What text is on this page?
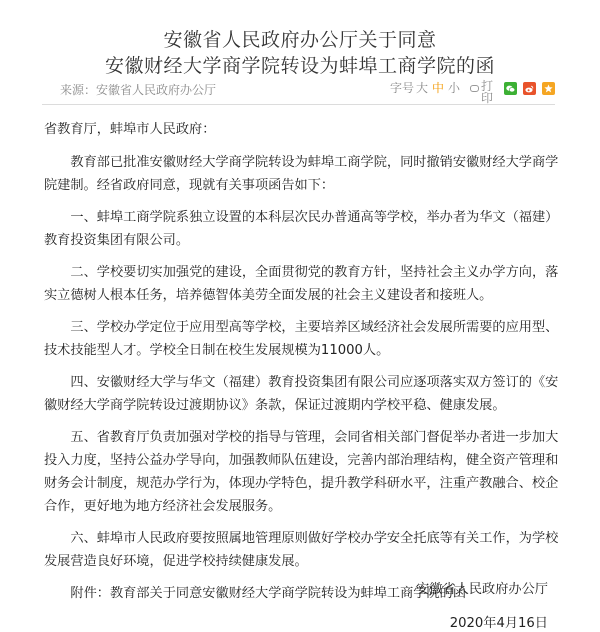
安徽省人民政府办公厅关于同意
安徽财经大学商学院转设为蚌埠工商学院的函
来源：安徽省人民政府办公厅	字号 大 中 小 打印

省教育厅，蚌埠市人民政府：

教育部已批准安徽财经大学商学院转设为蚌埠工商学院，同时撤销安徽财经大学商学院建制。经省政府同意，现就有关事项函告如下：

一、蚌埠工商学院系独立设置的本科层次民办普通高等学校，举办者为华文（福建）教育投资集团有限公司。

二、学校要切实加强党的建设，全面贯彻党的教育方针，坚持社会主义办学方向，落实立德树人根本任务，培养德智体美劳全面发展的社会主义建设者和接班人。

三、学校办学定位于应用型高等学校，主要培养区域经济社会发展所需要的应用型、技术技能型人才。学校全日制在校生发展规模为11000人。

四、安徽财经大学与华文（福建）教育投资集团有限公司应逐项落实双方签订的《安徽财经大学商学院转设过渡期协议》条款，保证过渡期内学校平稳、健康发展。

五、省教育厅负责加强对学校的指导与管理，会同省相关部门督促举办者进一步加大投入力度，坚持公益办学导向，加强教师队伍建设，完善内部治理结构，健全资产管理和财务会计制度，规范办学行为，体现办学特色，提升教学科研水平，注重产教融合、校企合作，更好地为地方经济社会发展服务。

六、蚌埠市人民政府要按照属地管理原则做好学校办学安全托底等有关工作，为学校发展营造良好环境，促进学校持续健康发展。

附件：教育部关于同意安徽财经大学商学院转设为蚌埠工商学院的函

安徽省人民政府办公厅
2020年4月16日
